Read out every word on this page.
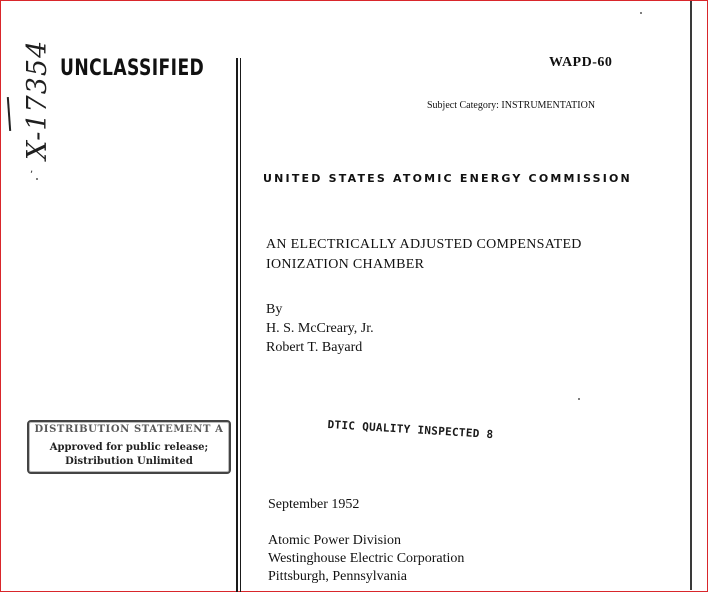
X-17354
,
UNCLASSIFIED	WAPD-60
Subject Category: INSTRUMENTATION
UNITED STATES ATOMIC ENERGY COMMISSION
AN ELECTRICALLY ADJUSTED COMPENSATED
IONIZATION CHAMBER
By
H. S. McCreary, Jr.
Robert T. Bayard
DTIC QUALITY INSPECTED 8
DISTRIBUTION STATEMENT A
Approved for public release;
Distribution Unlimited
September 1952
Atomic Power Division
Westinghouse Electric Corporation
Pittsburgh, Pennsylvania
